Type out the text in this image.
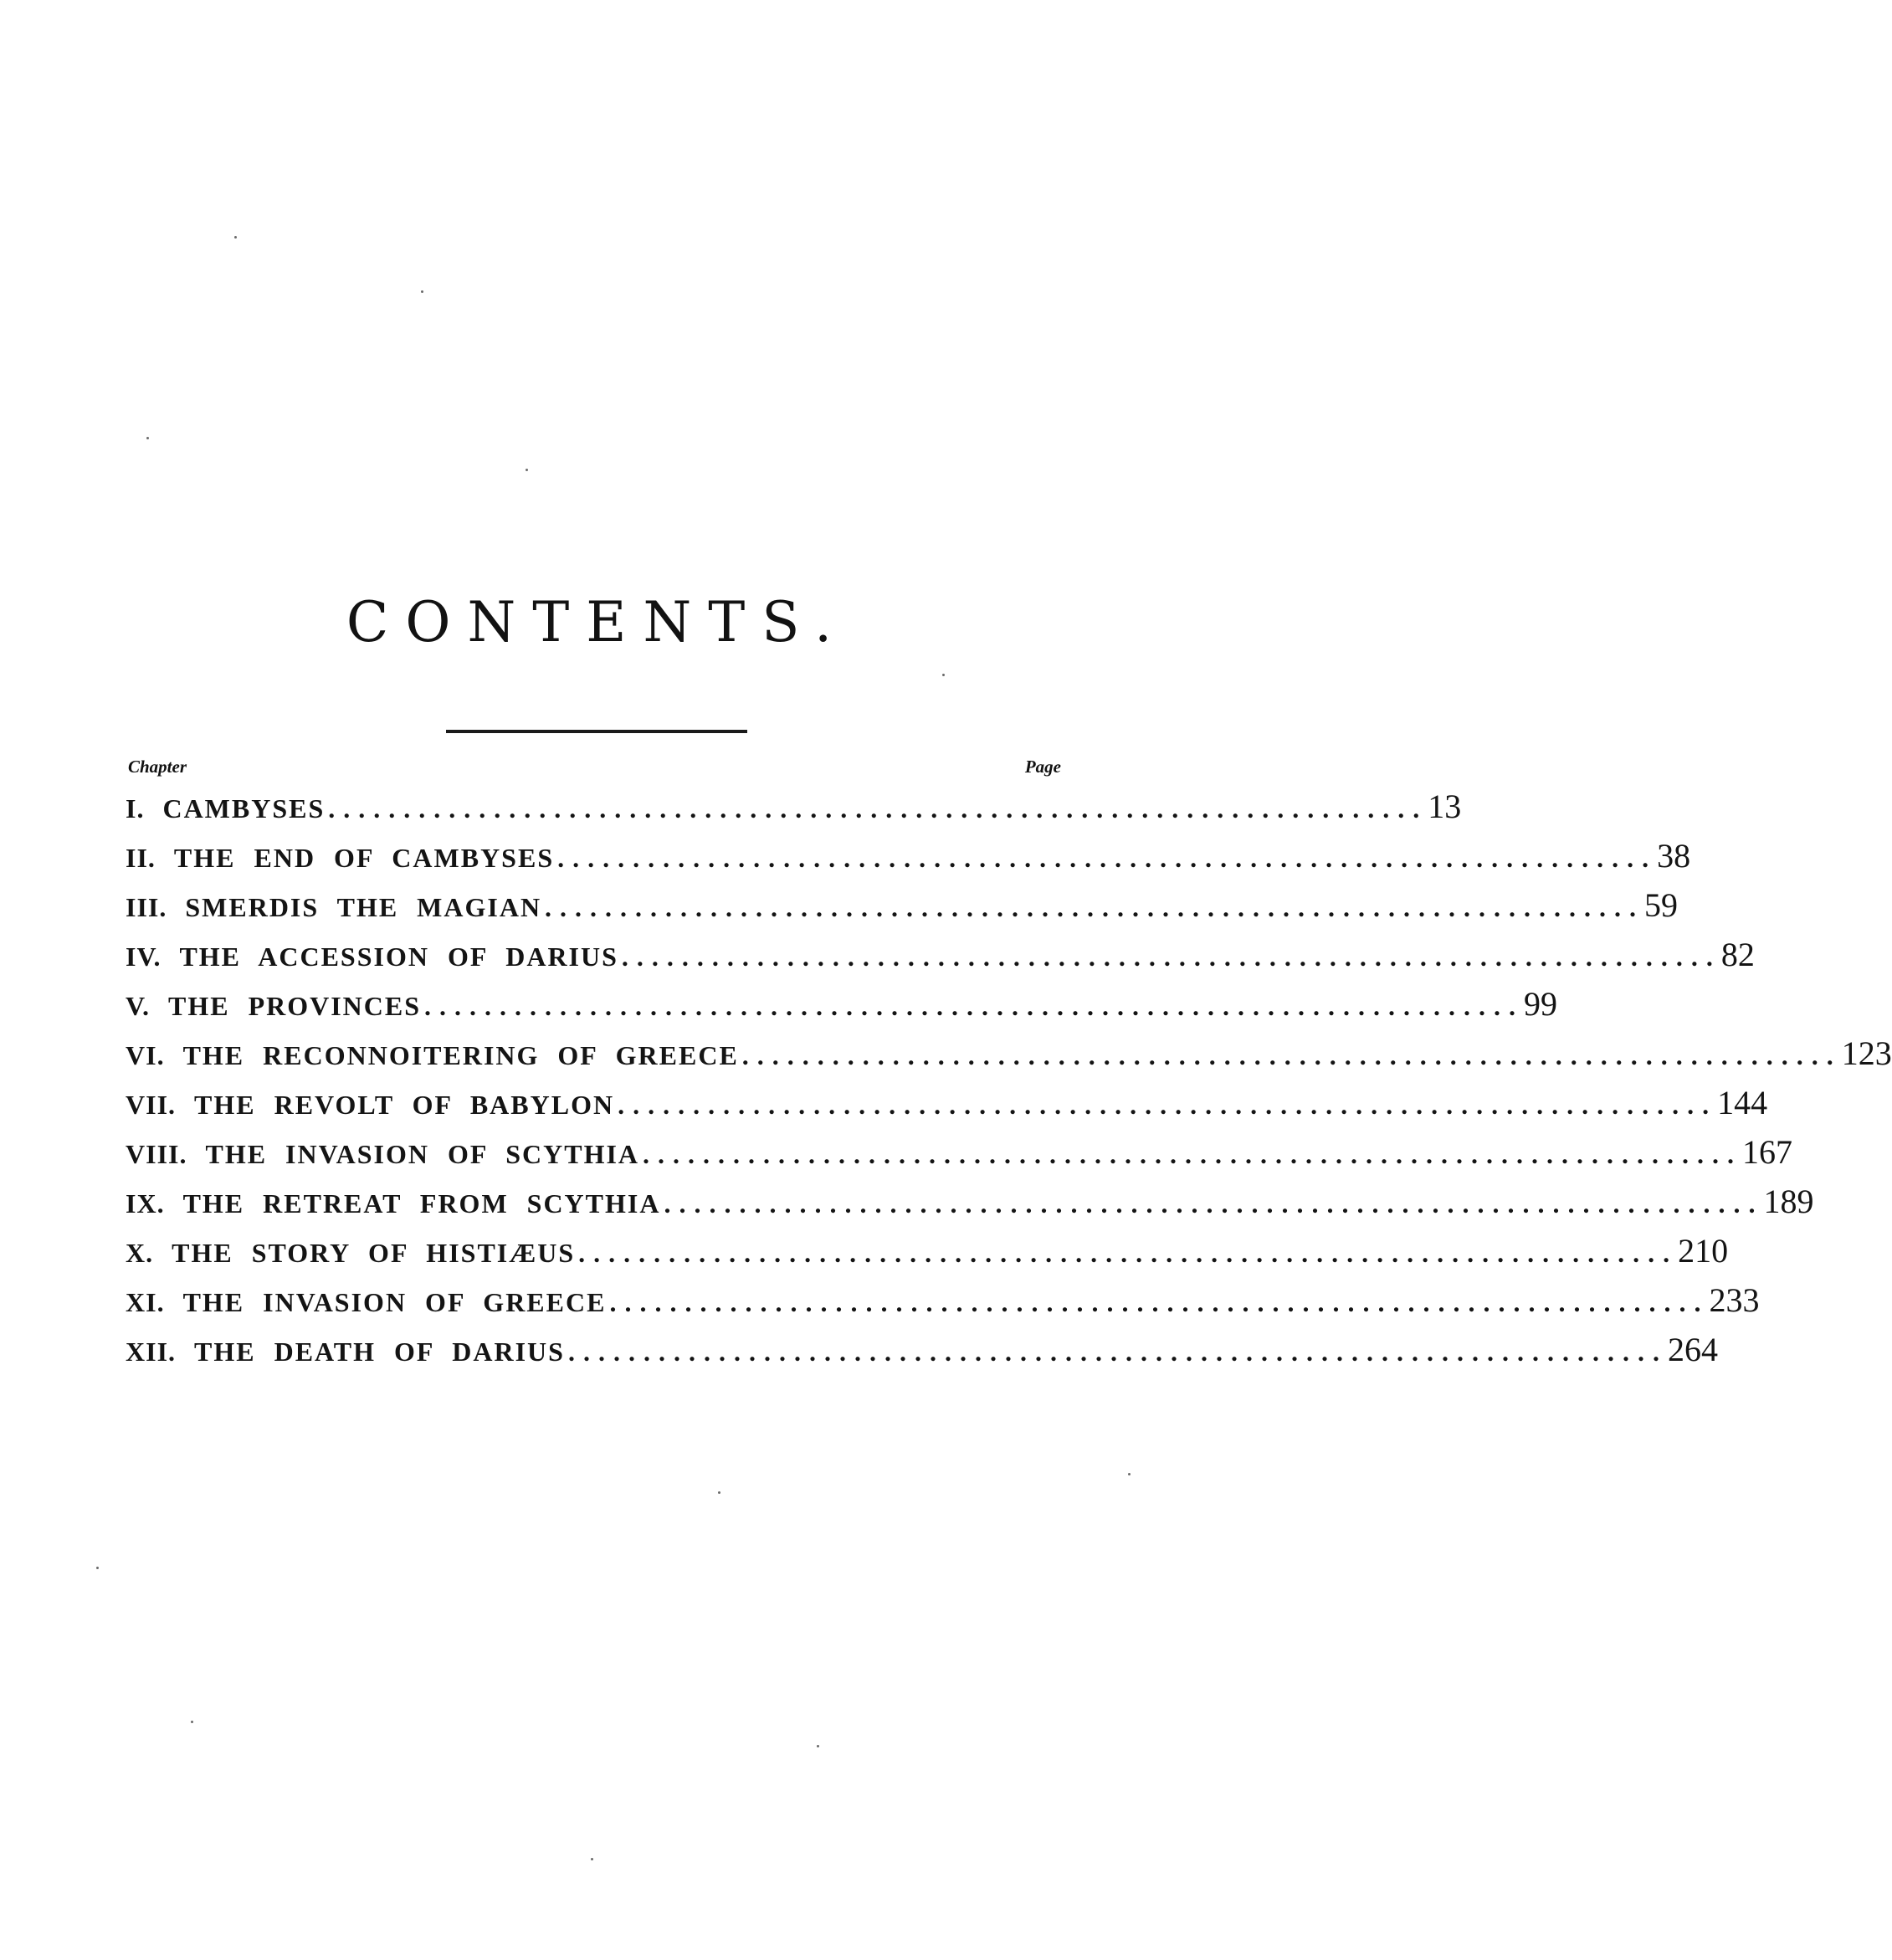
CONTENTS.
Chapter	Page
I. CAMBYSES ......................................................................... 13
II. THE END OF CAMBYSES ......................................................................... 38
III. SMERDIS THE MAGIAN ......................................................................... 59
IV. THE ACCESSION OF DARIUS ......................................................................... 82
V. THE PROVINCES ......................................................................... 99
VI. THE RECONNOITERING OF GREECE ......................................................................... 123
VII. THE REVOLT OF BABYLON ......................................................................... 144
VIII. THE INVASION OF SCYTHIA ......................................................................... 167
IX. THE RETREAT FROM SCYTHIA ......................................................................... 189
X. THE STORY OF HISTIÆUS ......................................................................... 210
XI. THE INVASION OF GREECE ......................................................................... 233
XII. THE DEATH OF DARIUS ......................................................................... 264
